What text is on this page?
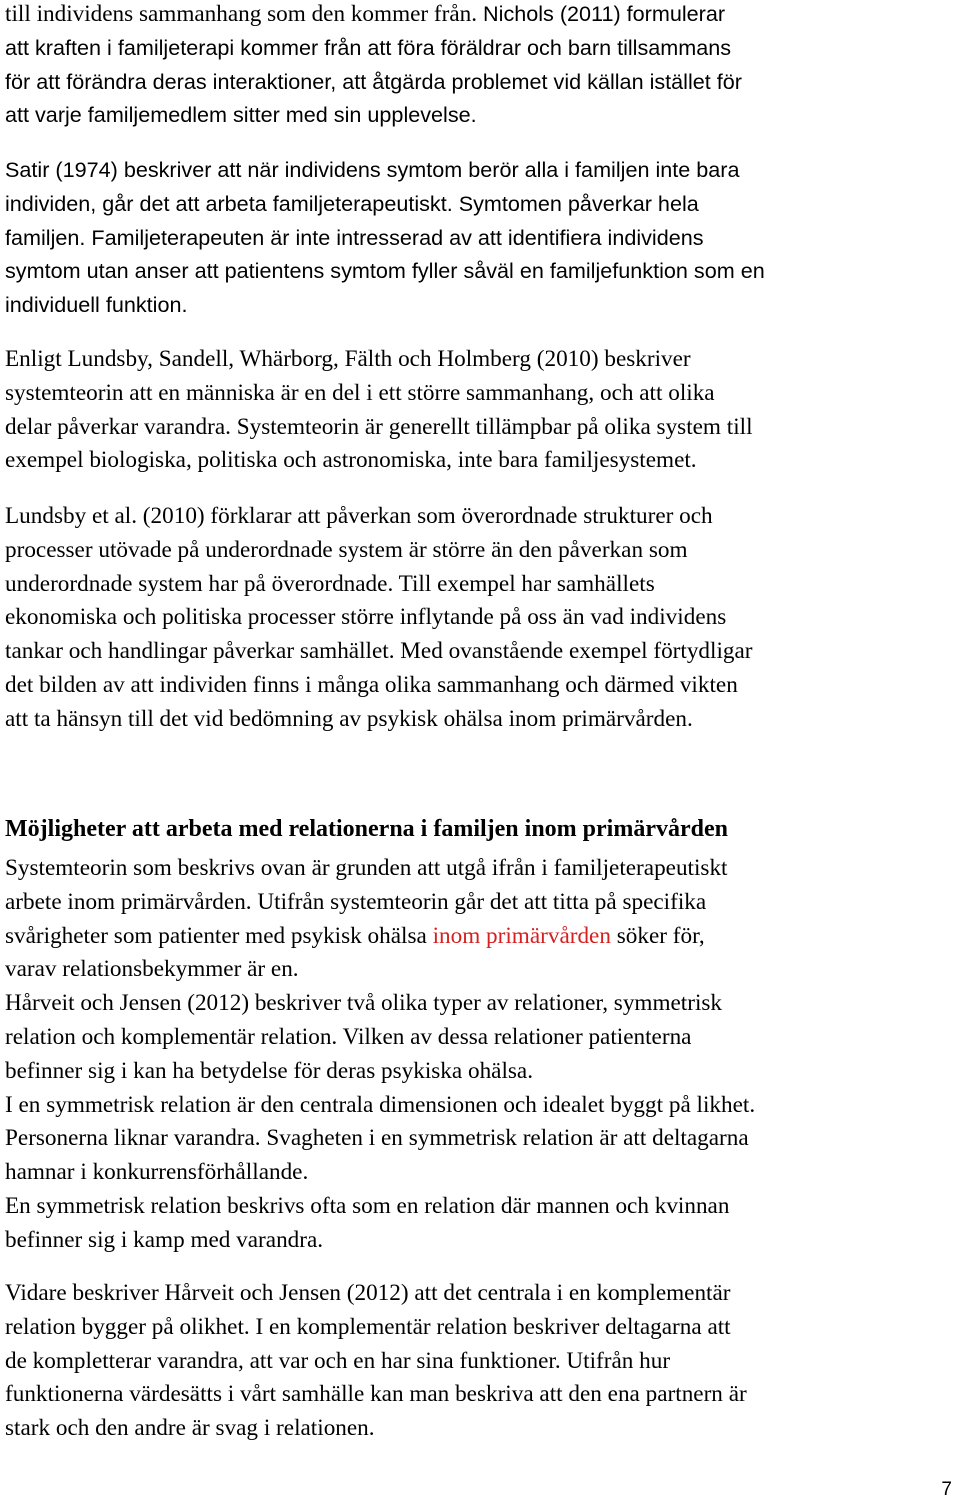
till individens sammanhang som den kommer från. Nichols (2011) formulerar
att kraften i familjeterapi kommer från att föra föräldrar och barn tillsammans
för att förändra deras interaktioner, att åtgärda problemet vid källan istället för
att varje familjemedlem sitter med sin upplevelse.
Satir (1974) beskriver att när individens symtom berör alla i familjen inte bara
individen, går det att arbeta familjeterapeutiskt. Symtomen påverkar hela
familjen. Familjeterapeuten är inte intresserad av att identifiera individens
symtom utan anser att patientens symtom fyller såväl en familjefunktion som en
individuell funktion.
Enligt Lundsby, Sandell, Whärborg, Fälth och Holmberg (2010) beskriver
systemteorin att en människa är en del i ett större sammanhang, och att olika
delar påverkar varandra. Systemteorin är generellt tillämpbar på olika system till
exempel biologiska, politiska och astronomiska, inte bara familjesystemet.
Lundsby et al. (2010) förklarar att påverkan som överordnade strukturer och
processer utövade på underordnade system är större än den påverkan som
underordnade system har på överordnade. Till exempel har samhällets
ekonomiska och politiska processer större inflytande på oss än vad individens
tankar och handlingar påverkar samhället. Med ovanstående exempel förtydligar
det bilden av att individen finns i många olika sammanhang och därmed vikten
att ta hänsyn till det vid bedömning av psykisk ohälsa inom primärvården.
Möjligheter att arbeta med relationerna i familjen inom primärvården
Systemteorin som beskrivs ovan är grunden att utgå ifrån i familjeterapeutiskt
arbete inom primärvården. Utifrån systemteorin går det att titta på specifika
svårigheter som patienter med psykisk ohälsa inom primärvården söker för,
varav relationsbekymmer är en.
Hårveit och Jensen (2012) beskriver två olika typer av relationer, symmetrisk
relation och komplementär relation. Vilken av dessa relationer patienterna
befinner sig i kan ha betydelse för deras psykiska ohälsa.
I en symmetrisk relation är den centrala dimensionen och idealet byggt på likhet.
Personerna liknar varandra. Svagheten i en symmetrisk relation är att deltagarna
hamnar i konkurrensförhållande.
En symmetrisk relation beskrivs ofta som en relation där mannen och kvinnan
befinner sig i kamp med varandra.
Vidare beskriver Hårveit och Jensen (2012) att det centrala i en komplementär
relation bygger på olikhet. I en komplementär relation beskriver deltagarna att
de kompletterar varandra, att var och en har sina funktioner. Utifrån hur
funktionerna värdesätts i vårt samhälle kan man beskriva att den ena partnern är
stark och den andre är svag i relationen.
7
